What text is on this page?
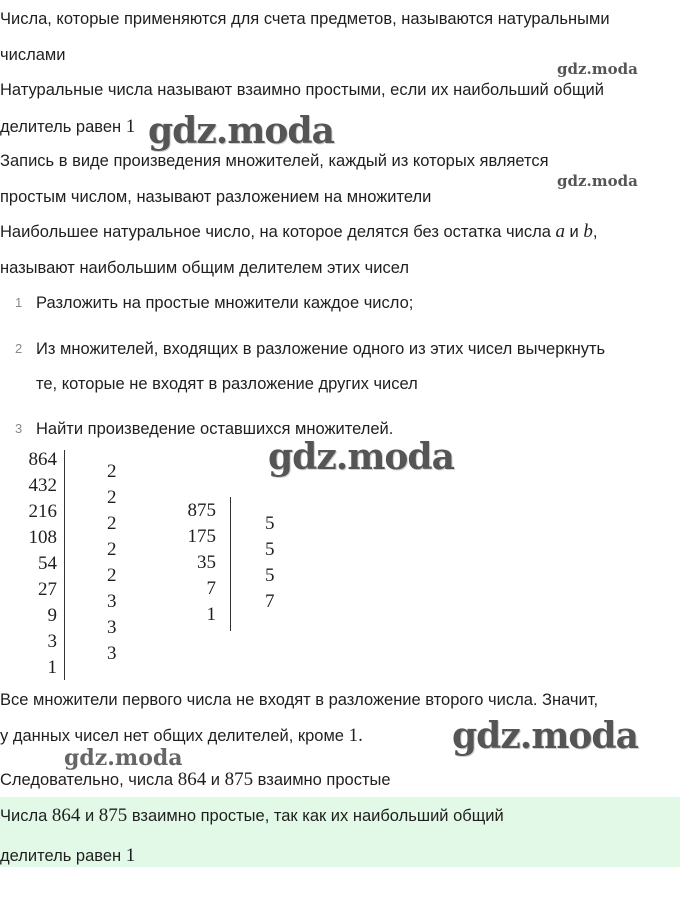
Числа, которые применяются для счета предметов, называются натуральными
числами
Натуральные числа называют взаимно простыми, если их наибольший общий
делитель равен 1
Запись в виде произведения множителей, каждый из которых является
простым числом, называют разложением на множители
Наибольшее натуральное число, на которое делятся без остатка числа a и b,
называют наибольшим общим делителем этих чисел
1 Разложить на простые множители каждое число;
2 Из множителей, входящих в разложение одного из этих чисел вычеркнуть
те, которые не входят в разложение других чисел
3 Найти произведение оставшихся множителей.
864
432
216
108
54
27
9
3
1
2
2
2
2
2
3
3
3
875
175
35
7
1
5
5
5
7
Все множители первого числа не входят в разложение второго числа. Значит,
у данных чисел нет общих делителей, кроме 1.
Следовательно, числа 864 и 875 взаимно простые
Числа 864 и 875 взаимно простые, так как их наибольший общий
делитель равен 1
gdz.moda
gdz.moda
gdz.moda
gdz.moda
gdz.moda
gdz.moda
